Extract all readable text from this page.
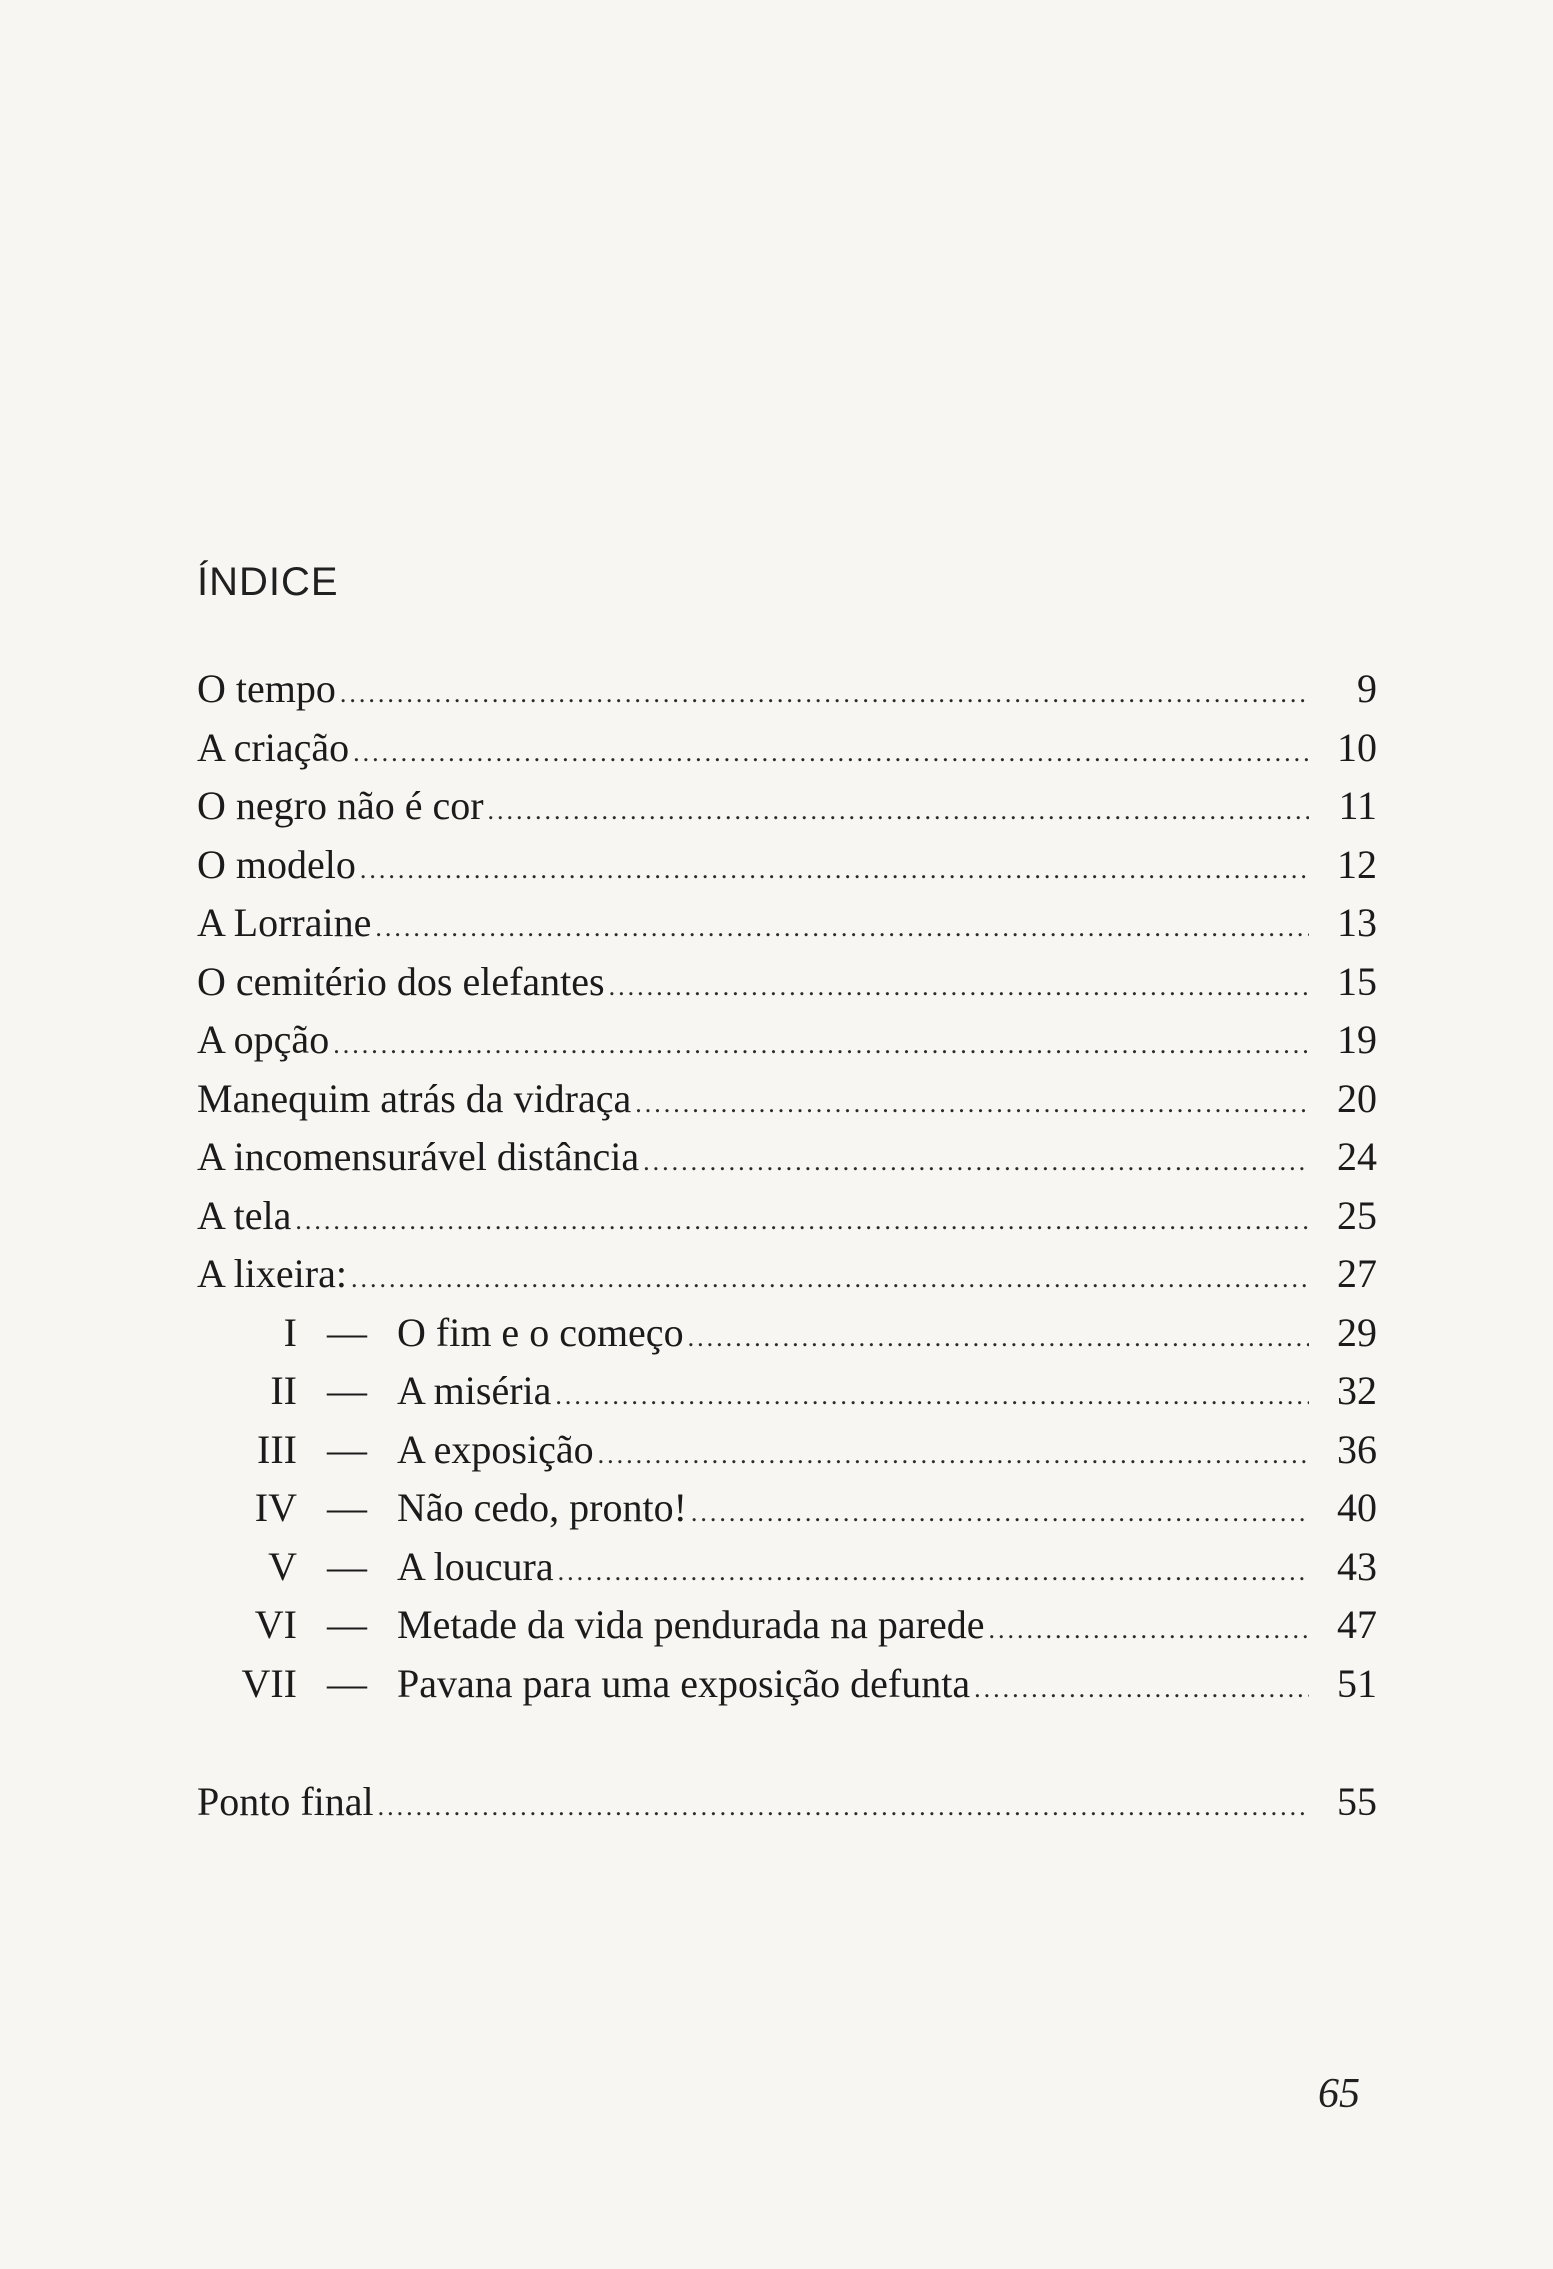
ÍNDICE
O tempo .....	9
A criação .....	10
O negro não é cor .....	11
O modelo .....	12
A Lorraine .....	13
O cemitério dos elefantes .....	15
A opção .....	19
Manequim atrás da vidraça .....	20
A incomensurável distância .....	24
A tela .....	25
A lixeira: .....	27
I — O fim e o começo .....	29
II — A miséria .....	32
III — A exposição .....	36
IV — Não cedo, pronto! .....	40
V — A loucura .....	43
VI — Metade da vida pendurada na parede .....	47
VII — Pavana para uma exposição defunta .....	51
Ponto final .....	55
65
